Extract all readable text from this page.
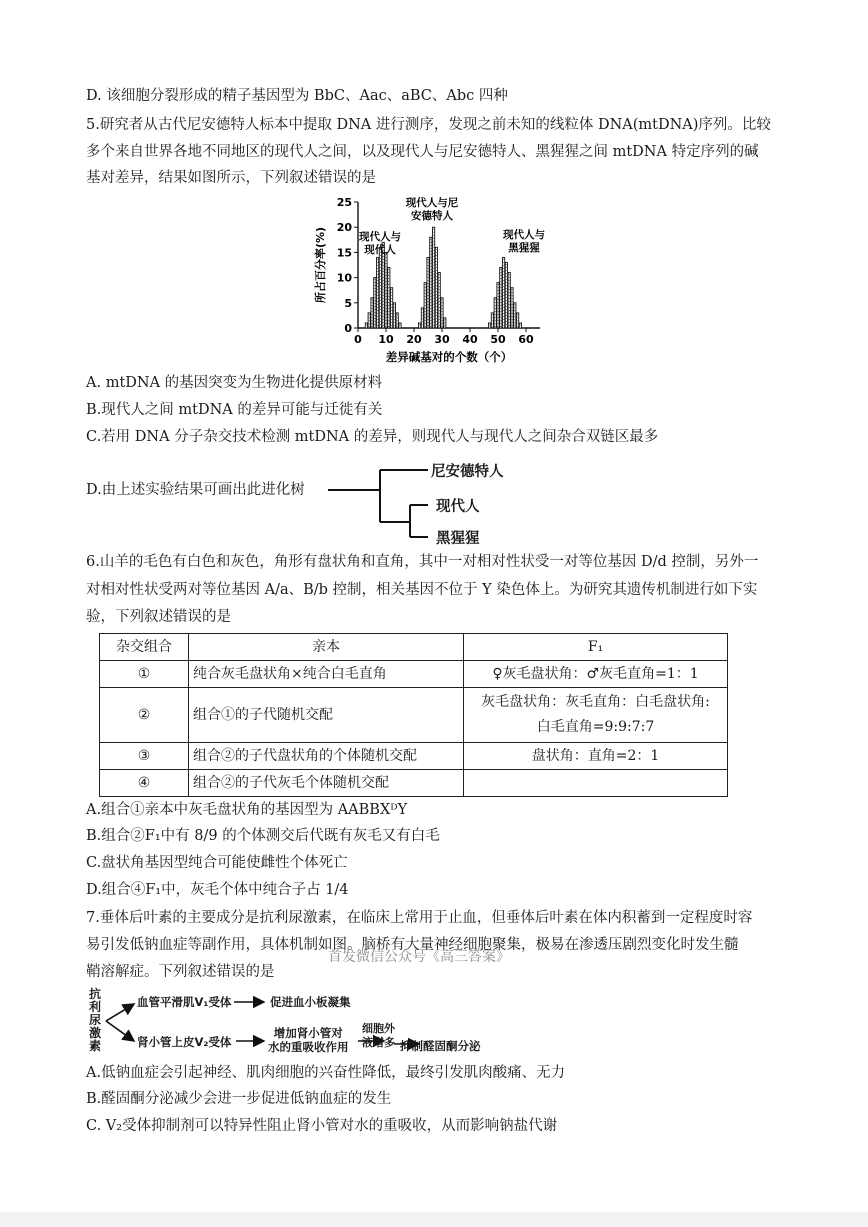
D. 该细胞分裂形成的精子基因型为 BbC、Aac、aBC、Abc 四种
5.研究者从古代尼安德特人标本中提取 DNA 进行测序，发现之前未知的线粒体 DNA(mtDNA)序列。比较
多个来自世界各地不同地区的现代人之间，以及现代人与尼安德特人、黑猩猩之间 mtDNA 特定序列的碱
基对差异，结果如图所示，下列叙述错误的是
0
5
10
15
20
25
0 10 20 30 40 50 60
所占百分率(%)
差异碱基对的个数（个）
现代人与
现代人
现代人与尼
安德特人
现代人与
黑猩猩
A. mtDNA 的基因突变为生物进化提供原材料
B.现代人之间 mtDNA 的差异可能与迁徙有关
C.若用 DNA 分子杂交技术检测 mtDNA 的差异，则现代人与现代人之间杂合双链区最多
D.由上述实验结果可画出此进化树
尼安德特人
现代人
黑猩猩
6.山羊的毛色有白色和灰色，角形有盘状角和直角，其中一对相对性状受一对等位基因 D/d 控制，另外一
对相对性状受两对等位基因 A/a、B/b 控制，相关基因不位于 Y 染色体上。为研究其遗传机制进行如下实
验，下列叙述错误的是
杂交组合	亲本	F₁
①	纯合灰毛盘状角×纯合白毛直角	♀灰毛盘状角：♂灰毛直角=1：1
②	组合①的子代随机交配	灰毛盘状角：灰毛直角：白毛盘状角:
白毛直角=9:9:7:7
③	组合②的子代盘状角的个体随机交配	盘状角：直角=2：1
④	组合②的子代灰毛个体随机交配	
A.组合①亲本中灰毛盘状角的基因型为 AABBXᴰY
B.组合②F₁中有 8/9 的个体测交后代既有灰毛又有白毛
C.盘状角基因型纯合可能使雌性个体死亡
D.组合④F₁中，灰毛个体中纯合子占 1/4
7.垂体后叶素的主要成分是抗利尿激素，在临床上常用于止血，但垂体后叶素在体内积蓄到一定程度时容
易引发低钠血症等副作用，具体机制如图。脑桥有大量神经细胞聚集，极易在渗透压剧烈变化时发生髓
鞘溶解症。下列叙述错误的是
首发微信公众号《高三答案》
抗
利
尿
激
素
血管平滑肌V₁受体	促进血小板凝集
肾小管上皮V₂受体
增加肾小管对
水的重吸收作用
细胞外
液增多 抑制醛固酮分泌
A.低钠血症会引起神经、肌肉细胞的兴奋性降低，最终引发肌肉酸痛、无力
B.醛固酮分泌减少会进一步促进低钠血症的发生
C. V₂受体抑制剂可以特异性阻止肾小管对水的重吸收，从而影响钠盐代谢
